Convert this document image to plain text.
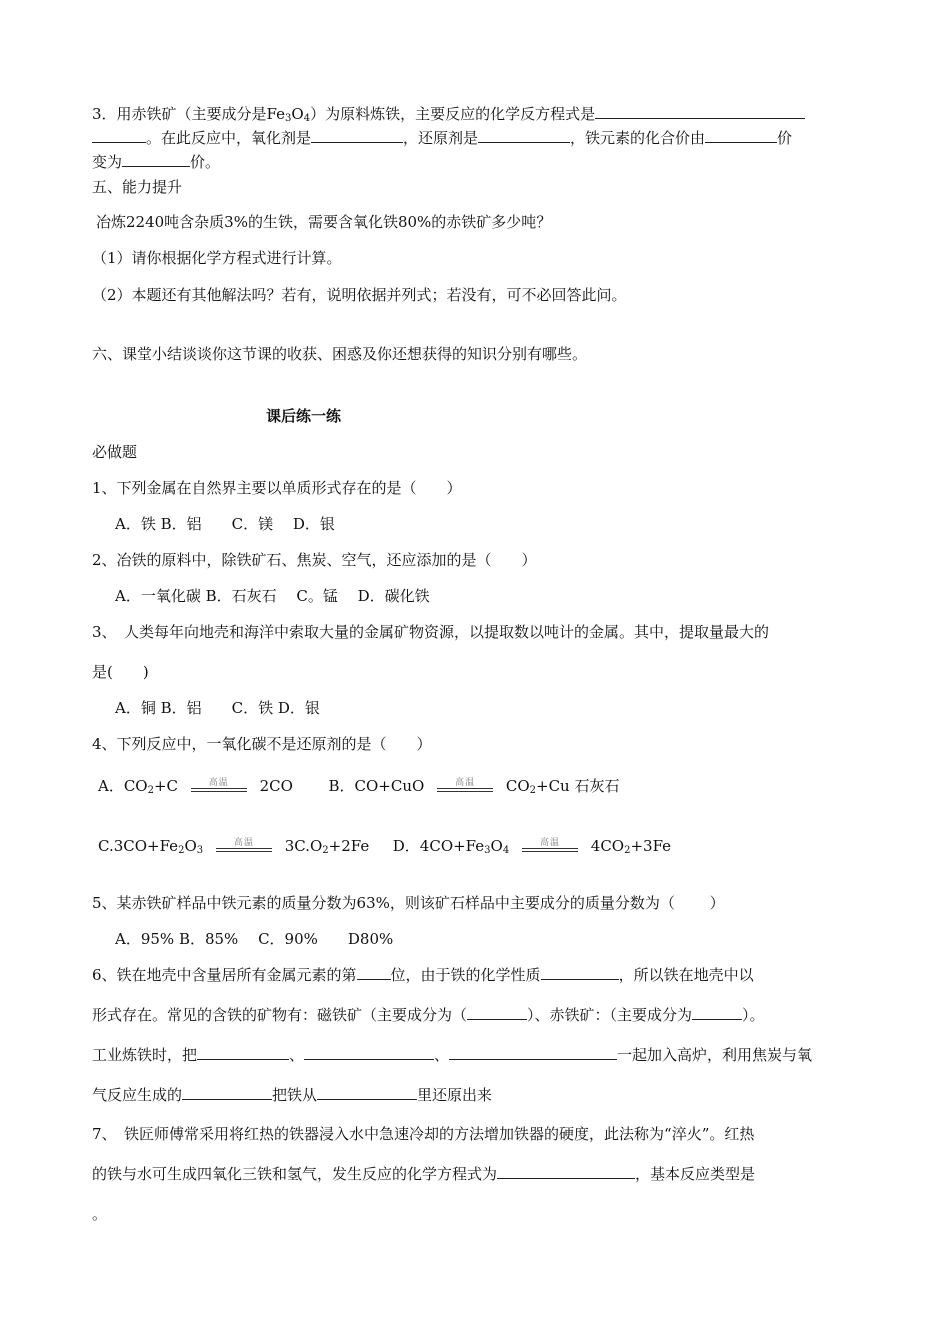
3．用赤铁矿（主要成分是$Fe_3O_4$）为原料炼铁，主要反应的化学反方程式是
。在此反应中，氧化剂是	，还原剂是	，铁元素的化合价由	价
变为	价。
五、能力提升
冶炼2240吨含杂质3%的生铁，需要含氧化铁80%的赤铁矿多少吨？
（1）请你根据化学方程式进行计算。
（2）本题还有其他解法吗？若有，说明依据并列式；若没有，可不必回答此问。
六、课堂小结谈谈你这节课的收获、困惑及你还想获得的知识分别有哪些。
课后练一练
必做题
1、下列金属在自然界主要以单质形式存在的是（　　）
A．铁 B．铝　　C．镁　 D．银
2、冶铁的原料中，除铁矿石、焦炭、空气，还应添加的是（　　）
A．一氧化碳 B．石灰石　 C。锰　 D．碳化铁
3、　人类每年向地壳和海洋中索取大量的金属矿物资源，以提取数以吨计的金属。其中，提取量最大的
是(　　)
A．铜 B．铝　　C．铁 D．银
4、下列反应中，一氧化碳不是还原剂的是（　　）
A．$CO_2+C$	高温	2CO B．CO+CuO	高温	$CO_2+Cu$ 石灰石
$C.3CO+Fe_2O_3$
高温	$3C.O_2+2Fe$ D．$4CO+Fe_3O_4$
高温	$4CO_2+3Fe$
5、某赤铁矿样品中铁元素的质量分数为63%，则该矿石样品中主要成分的质量分数为（　　 ）
A．95% B．85%　 C．90%　　D80%
6、铁在地壳中含量居所有金属元素的第 位，由于铁的化学性质	，所以铁在地壳中以
形式存在。常见的含铁的矿物有：磁铁矿（主要成分为（	）、赤铁矿：（主要成分为	）。
工业炼铁时，把	、	、	一起加入高炉，利用焦炭与氧
气反应生成的	把铁从	里还原出来
7、　铁匠师傅常采用将红热的铁器浸入水中急速冷却的方法增加铁器的硬度，此法称为“淬火”。红热
的铁与水可生成四氧化三铁和氢气，发生反应的化学方程式为	，基本反应类型是
。
